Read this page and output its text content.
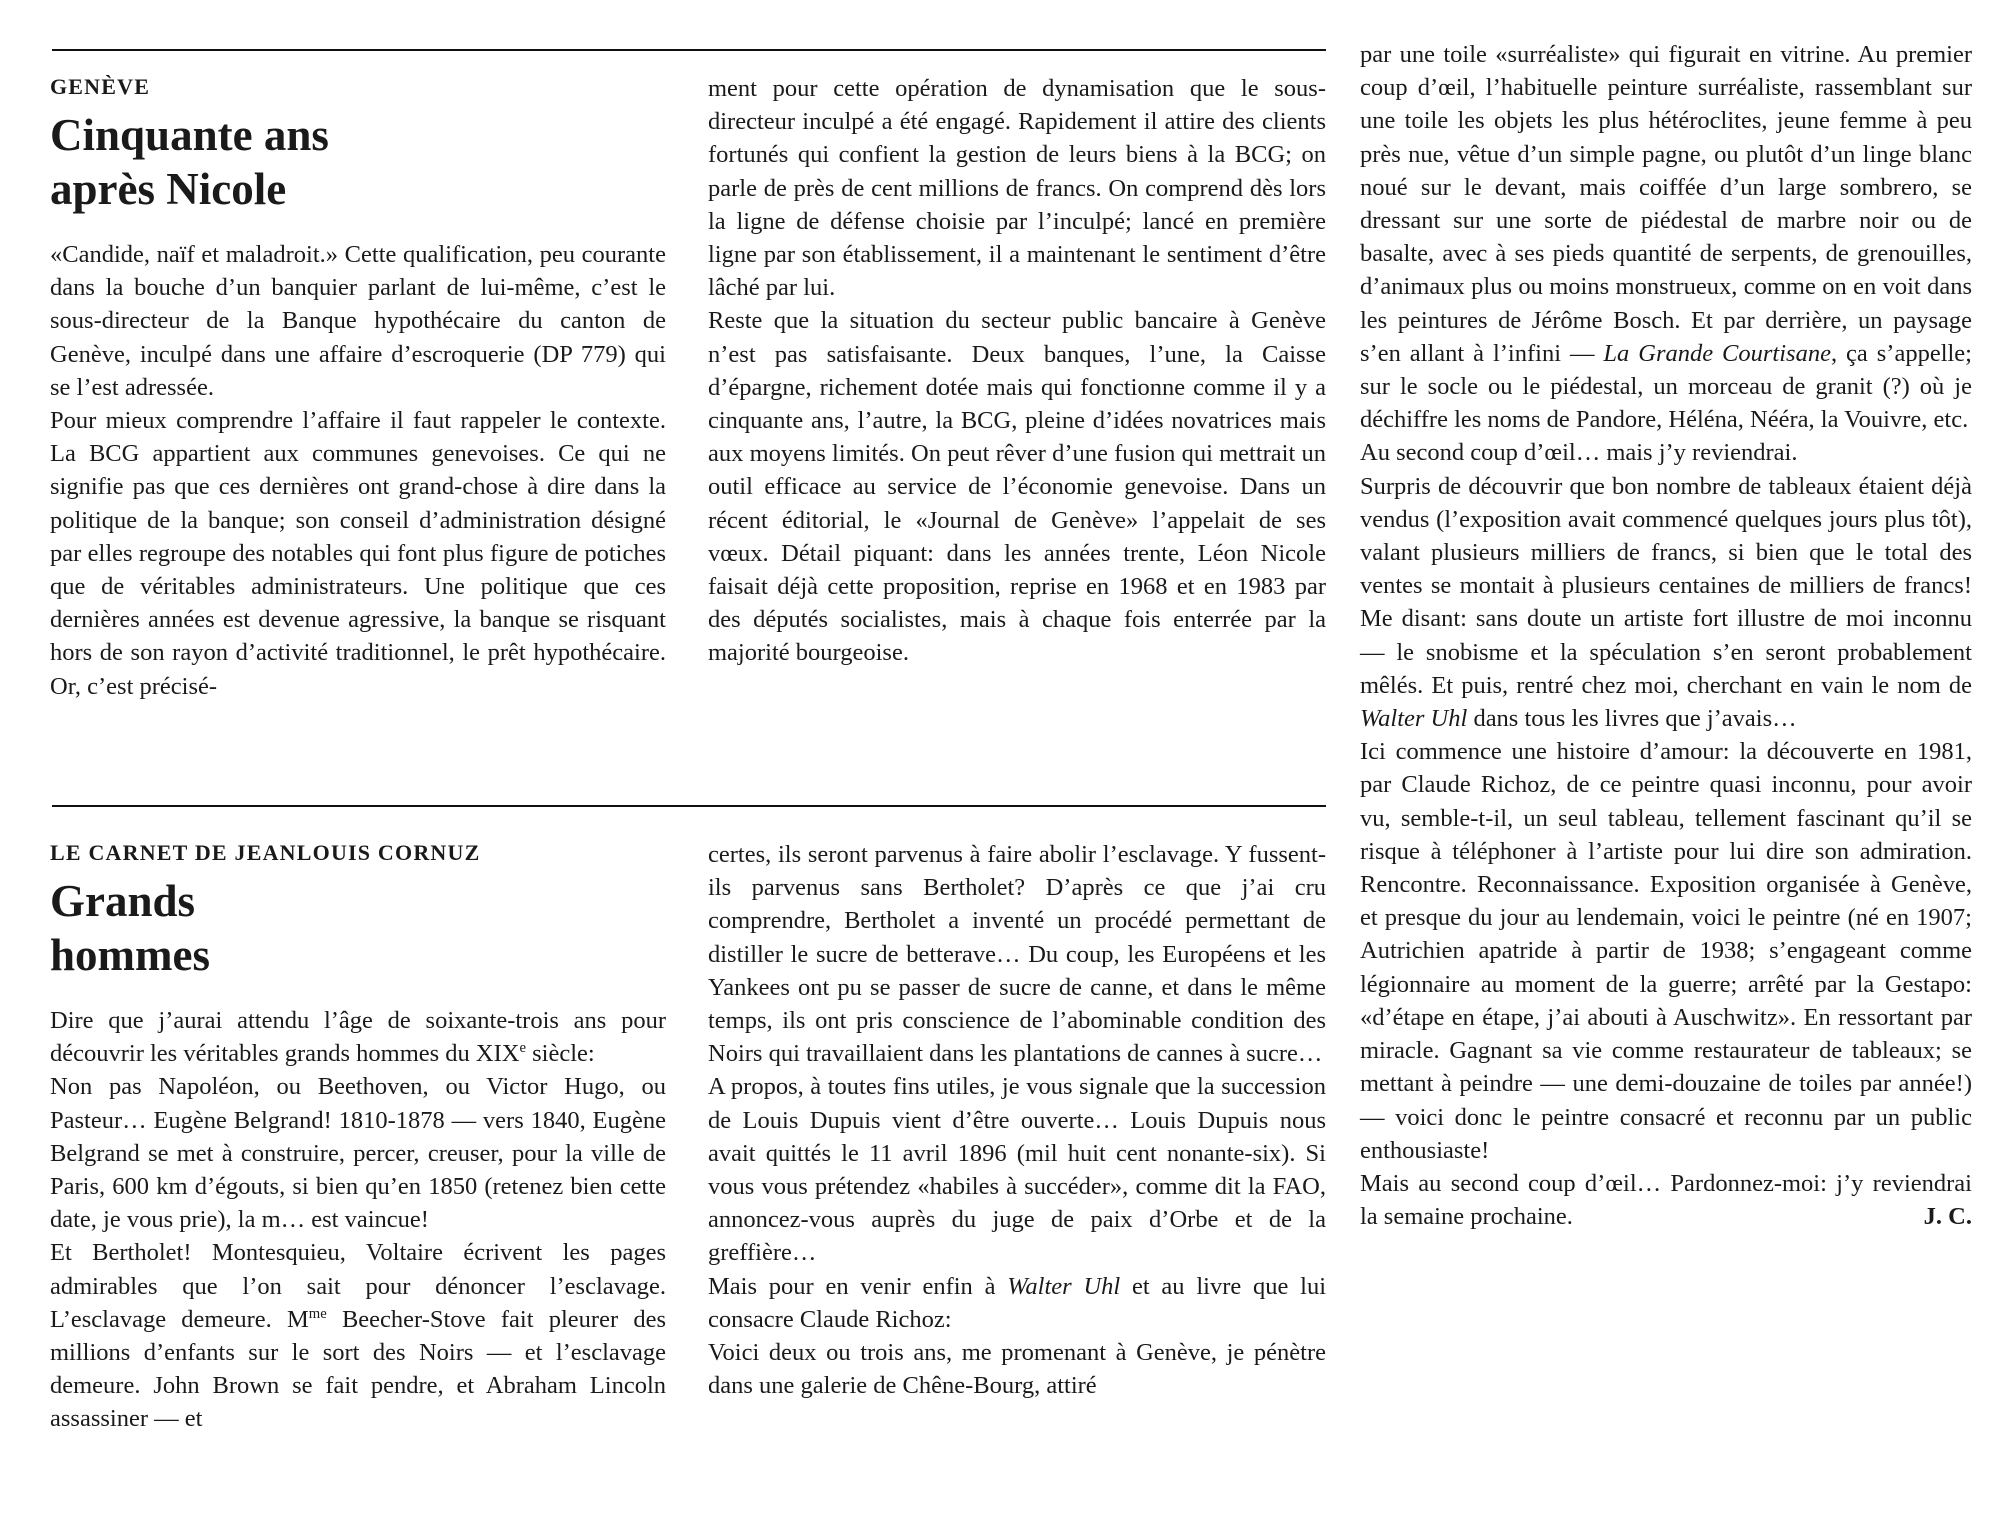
GENÈVE

Cinquante ans
après Nicole

«Candide, naïf et maladroit.» Cette qualification, peu courante dans la bouche d’un banquier parlant de lui-même, c’est le sous-directeur de la Banque hypothécaire du canton de Genève, inculpé dans une affaire d’escroquerie (DP 779) qui se l’est adressée.

Pour mieux comprendre l’affaire il faut rappeler le contexte. La BCG appartient aux communes genevoises. Ce qui ne signifie pas que ces dernières ont grand-chose à dire dans la politique de la banque; son conseil d’administration désigné par elles regroupe des notables qui font plus figure de potiches que de véritables administrateurs. Une politique que ces dernières années est devenue agressive, la banque se risquant hors de son rayon d’activité traditionnel, le prêt hypothécaire. Or, c’est précisé-

ment pour cette opération de dynamisation que le sous-directeur inculpé a été engagé. Rapidement il attire des clients fortunés qui confient la gestion de leurs biens à la BCG; on parle de près de cent millions de francs. On comprend dès lors la ligne de défense choisie par l’inculpé; lancé en première ligne par son établissement, il a maintenant le sentiment d’être lâché par lui.

Reste que la situation du secteur public bancaire à Genève n’est pas satisfaisante. Deux banques, l’une, la Caisse d’épargne, richement dotée mais qui fonctionne comme il y a cinquante ans, l’autre, la BCG, pleine d’idées novatrices mais aux moyens limités. On peut rêver d’une fusion qui mettrait un outil efficace au service de l’économie genevoise. Dans un récent éditorial, le «Journal de Genève» l’appelait de ses vœux. Détail piquant: dans les années trente, Léon Nicole faisait déjà cette proposition, reprise en 1968 et en 1983 par des députés socialistes, mais à chaque fois enterrée par la majorité bourgeoise.

LE CARNET DE JEANLOUIS CORNUZ

Grands
hommes

Dire que j’aurai attendu l’âge de soixante-trois ans pour découvrir les véritables grands hommes du XIXe siècle:

Non pas Napoléon, ou Beethoven, ou Victor Hugo, ou Pasteur… Eugène Belgrand! 1810-1878 — vers 1840, Eugène Belgrand se met à construire, percer, creuser, pour la ville de Paris, 600 km d’égouts, si bien qu’en 1850 (retenez bien cette date, je vous prie), la m… est vaincue!

Et Bertholet! Montesquieu, Voltaire écrivent les pages admirables que l’on sait pour dénoncer l’esclavage. L’esclavage demeure. $M^{me}$ Beecher-Stove fait pleurer des millions d’enfants sur le sort des Noirs — et l’esclavage demeure. John Brown se fait pendre, et Abraham Lincoln assassiner — et

certes, ils seront parvenus à faire abolir l’esclavage. Y fussent-ils parvenus sans Bertholet? D’après ce que j’ai cru comprendre, Bertholet a inventé un procédé permettant de distiller le sucre de betterave… Du coup, les Européens et les Yankees ont pu se passer de sucre de canne, et dans le même temps, ils ont pris conscience de l’abominable condition des Noirs qui travaillaient dans les plantations de cannes à sucre…

A propos, à toutes fins utiles, je vous signale que la succession de Louis Dupuis vient d’être ouverte… Louis Dupuis nous avait quittés le 11 avril 1896 (mil huit cent nonante-six). Si vous vous prétendez «habiles à succéder», comme dit la FAO, annoncez-vous auprès du juge de paix d’Orbe et de la greffière…

Mais pour en venir enfin à Walter Uhl et au livre que lui consacre Claude Richoz:

Voici deux ou trois ans, me promenant à Genève, je pénètre dans une galerie de Chêne-Bourg, attiré

par une toile «surréaliste» qui figurait en vitrine. Au premier coup d’œil, l’habituelle peinture surréaliste, rassemblant sur une toile les objets les plus hétéroclites, jeune femme à peu près nue, vêtue d’un simple pagne, ou plutôt d’un linge blanc noué sur le devant, mais coiffée d’un large sombrero, se dressant sur une sorte de piédestal de marbre noir ou de basalte, avec à ses pieds quantité de serpents, de grenouilles, d’animaux plus ou moins monstrueux, comme on en voit dans les peintures de Jérôme Bosch. Et par derrière, un paysage s’en allant à l’infini — La Grande Courtisane, ça s’appelle; sur le socle ou le piédestal, un morceau de granit (?) où je déchiffre les noms de Pandore, Héléna, Nééra, la Vouivre, etc.

Au second coup d’œil… mais j’y reviendrai.

Surpris de découvrir que bon nombre de tableaux étaient déjà vendus (l’exposition avait commencé quelques jours plus tôt), valant plusieurs milliers de francs, si bien que le total des ventes se montait à plusieurs centaines de milliers de francs! Me disant: sans doute un artiste fort illustre de moi inconnu — le snobisme et la spéculation s’en seront probablement mêlés. Et puis, rentré chez moi, cherchant en vain le nom de Walter Uhl dans tous les livres que j’avais…

Ici commence une histoire d’amour: la découverte en 1981, par Claude Richoz, de ce peintre quasi inconnu, pour avoir vu, semble-t-il, un seul tableau, tellement fascinant qu’il se risque à téléphoner à l’artiste pour lui dire son admiration. Rencontre. Reconnaissance. Exposition organisée à Genève, et presque du jour au lendemain, voici le peintre (né en 1907; Autrichien apatride à partir de 1938; s’engageant comme légionnaire au moment de la guerre; arrêté par la Gestapo: «d’étape en étape, j’ai abouti à Auschwitz». En ressortant par miracle. Gagnant sa vie comme restaurateur de tableaux; se mettant à peindre — une demi-douzaine de toiles par année!) — voici donc le peintre consacré et reconnu par un public enthousiaste!

Mais au second coup d’œil… Pardonnez-moi: j’y reviendrai la semaine prochaine.	J. C.
